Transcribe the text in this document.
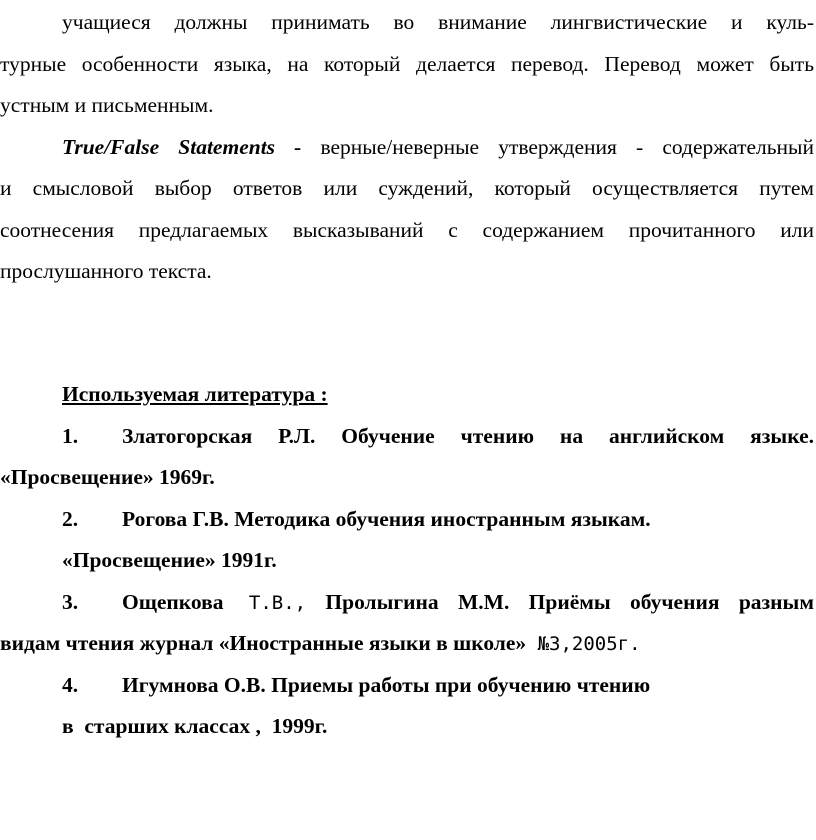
учащиеся должны принимать во внимание лингвистические и куль-
турные особенности языка, на который делается перевод. Перевод может быть
устным и письменным.
True/False Statements - верные/неверные утверждения - содержательный
и смысловой выбор ответов или суждений, который осуществляется путем
соотнесения предлагаемых высказываний с содержанием прочитанного или
прослушанного текста.
Используемая литература :
1. Златогорская Р.Л. Обучение чтению на английском языке.
«Просвещение» 1969г.
2. Рогова Г.В. Методика обучения иностранным языкам.
«Просвещение» 1991г.
3. Ощепкова Т.В., Пролыгина М.М. Приёмы обучения разным
видам чтения журнал «Иностранные языки в школе» №3,2005г.
4. Игумнова О.В. Приемы работы при обучению чтению
в  старших классах ,  1999г.
